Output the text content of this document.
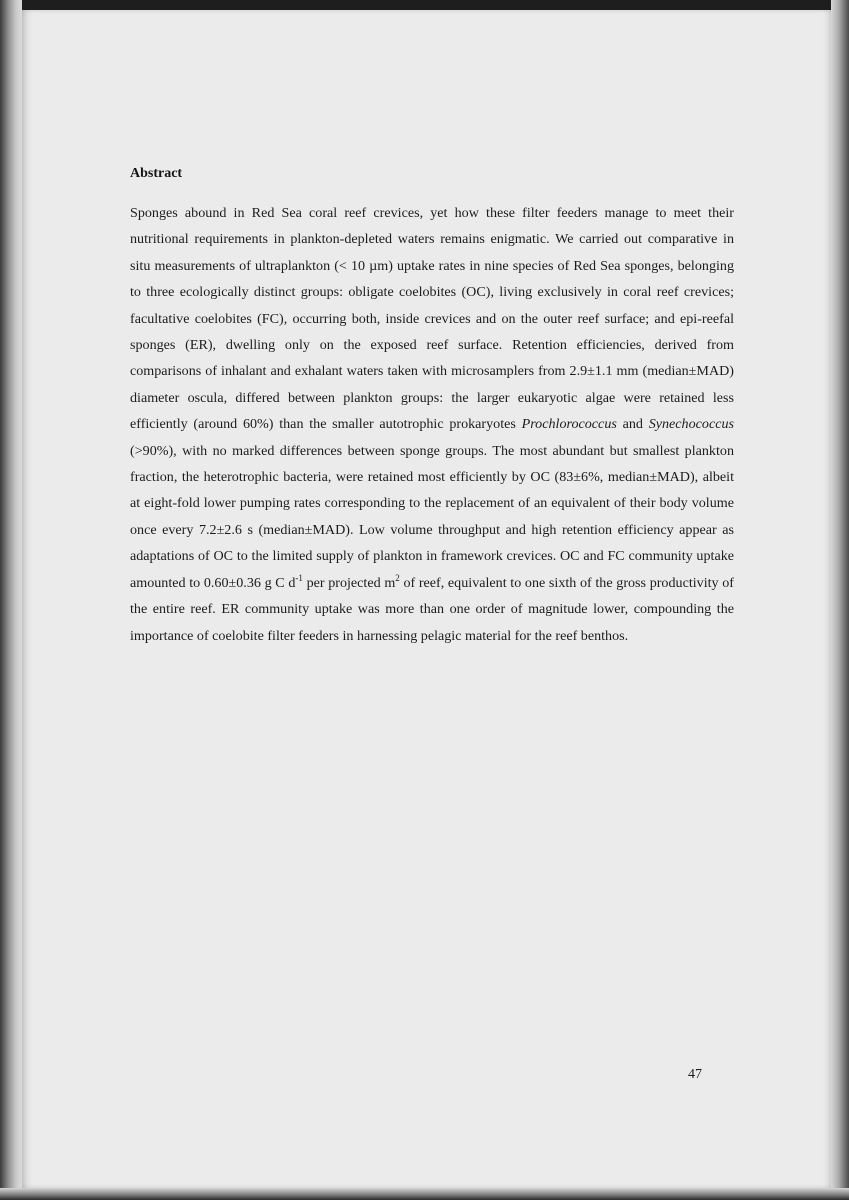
Abstract

Sponges abound in Red Sea coral reef crevices, yet how these filter feeders manage to meet their nutritional requirements in plankton-depleted waters remains enigmatic. We carried out comparative in situ measurements of ultraplankton (< 10 µm) uptake rates in nine species of Red Sea sponges, belonging to three ecologically distinct groups: obligate coelobites (OC), living exclusively in coral reef crevices; facultative coelobites (FC), occurring both, inside crevices and on the outer reef surface; and epi-reefal sponges (ER), dwelling only on the exposed reef surface. Retention efficiencies, derived from comparisons of inhalant and exhalant waters taken with microsamplers from 2.9±1.1 mm (median±MAD) diameter oscula, differed between plankton groups: the larger eukaryotic algae were retained less efficiently (around 60%) than the smaller autotrophic prokaryotes Prochlorococcus and Synechococcus (>90%), with no marked differences between sponge groups. The most abundant but smallest plankton fraction, the heterotrophic bacteria, were retained most efficiently by OC (83±6%, median±MAD), albeit at eight-fold lower pumping rates corresponding to the replacement of an equivalent of their body volume once every 7.2±2.6 s (median±MAD). Low volume throughput and high retention efficiency appear as adaptations of OC to the limited supply of plankton in framework crevices. OC and FC community uptake amounted to 0.60±0.36 g C $d^{-1}$ per projected $m^2$ of reef, equivalent to one sixth of the gross productivity of the entire reef. ER community uptake was more than one order of magnitude lower, compounding the importance of coelobite filter feeders in harnessing pelagic material for the reef benthos.

47
